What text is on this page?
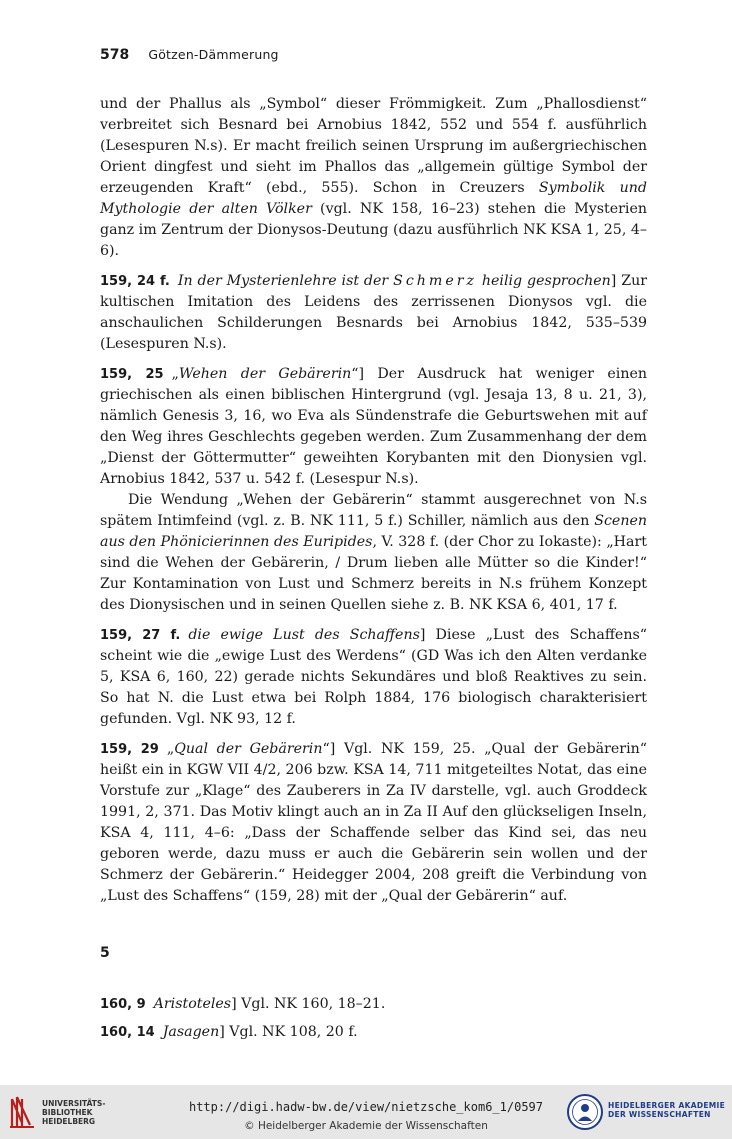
578 Götzen-Dämmerung

und der Phallus als „Symbol“ dieser Frömmigkeit. Zum „Phallosdienst“ verbreitet sich Besnard bei Arnobius 1842, 552 und 554 f. ausführlich (Lesespuren N.s). Er macht freilich seinen Ursprung im außergriechischen Orient dingfest und sieht im Phallos das „allgemein gültige Symbol der erzeugenden Kraft“ (ebd., 555). Schon in Creuzers Symbolik und Mythologie der alten Völker (vgl. NK 158, 16–23) stehen die Mysterien ganz im Zentrum der Dionysos-Deutung (dazu ausführlich NK KSA 1, 25, 4–6).

159, 24 f. In der Mysterienlehre ist der Schmerz heilig gesprochen] Zur kultischen Imitation des Leidens des zerrissenen Dionysos vgl. die anschaulichen Schilderungen Besnards bei Arnobius 1842, 535–539 (Lesespuren N.s).

159, 25 „Wehen der Gebärerin“] Der Ausdruck hat weniger einen griechischen als einen biblischen Hintergrund (vgl. Jesaja 13, 8 u. 21, 3), nämlich Genesis 3, 16, wo Eva als Sündenstrafe die Geburtswehen mit auf den Weg ihres Geschlechts gegeben werden. Zum Zusammenhang der dem „Dienst der Göttermutter“ geweihten Korybanten mit den Dionysien vgl. Arnobius 1842, 537 u. 542 f. (Lesespur N.s).

Die Wendung „Wehen der Gebärerin“ stammt ausgerechnet von N.s spätem Intimfeind (vgl. z. B. NK 111, 5 f.) Schiller, nämlich aus den Scenen aus den Phönicierinnen des Euripides, V. 328 f. (der Chor zu Iokaste): „Hart sind die Wehen der Gebärerin, / Drum lieben alle Mütter so die Kinder!“ Zur Kontamination von Lust und Schmerz bereits in N.s frühem Konzept des Dionysischen und in seinen Quellen siehe z. B. NK KSA 6, 401, 17 f.

159, 27 f. die ewige Lust des Schaffens] Diese „Lust des Schaffens“ scheint wie die „ewige Lust des Werdens“ (GD Was ich den Alten verdanke 5, KSA 6, 160, 22) gerade nichts Sekundäres und bloß Reaktives zu sein. So hat N. die Lust etwa bei Rolph 1884, 176 biologisch charakterisiert gefunden. Vgl. NK 93, 12 f.

159, 29 „Qual der Gebärerin“] Vgl. NK 159, 25. „Qual der Gebärerin“ heißt ein in KGW VII 4/2, 206 bzw. KSA 14, 711 mitgeteiltes Notat, das eine Vorstufe zur „Klage“ des Zauberers in Za IV darstelle, vgl. auch Groddeck 1991, 2, 371. Das Motiv klingt auch an in Za II Auf den glückseligen Inseln, KSA 4, 111, 4–6: „Dass der Schaffende selber das Kind sei, das neu geboren werde, dazu muss er auch die Gebärerin sein wollen und der Schmerz der Gebärerin.“ Heidegger 2004, 208 greift die Verbindung von „Lust des Schaffens“ (159, 28) mit der „Qual der Gebärerin“ auf.

5

160, 9 Aristoteles] Vgl. NK 160, 18–21.

160, 14 Jasagen] Vgl. NK 108, 20 f.

UNIVERSITÄTS-
BIBLIOTHEK
HEIDELBERG
http://digi.hadw-bw.de/view/nietzsche_kom6_1/0597
© Heidelberger Akademie der Wissenschaften
HEIDELBERGER AKADEMIE
DER WISSENSCHAFTEN
